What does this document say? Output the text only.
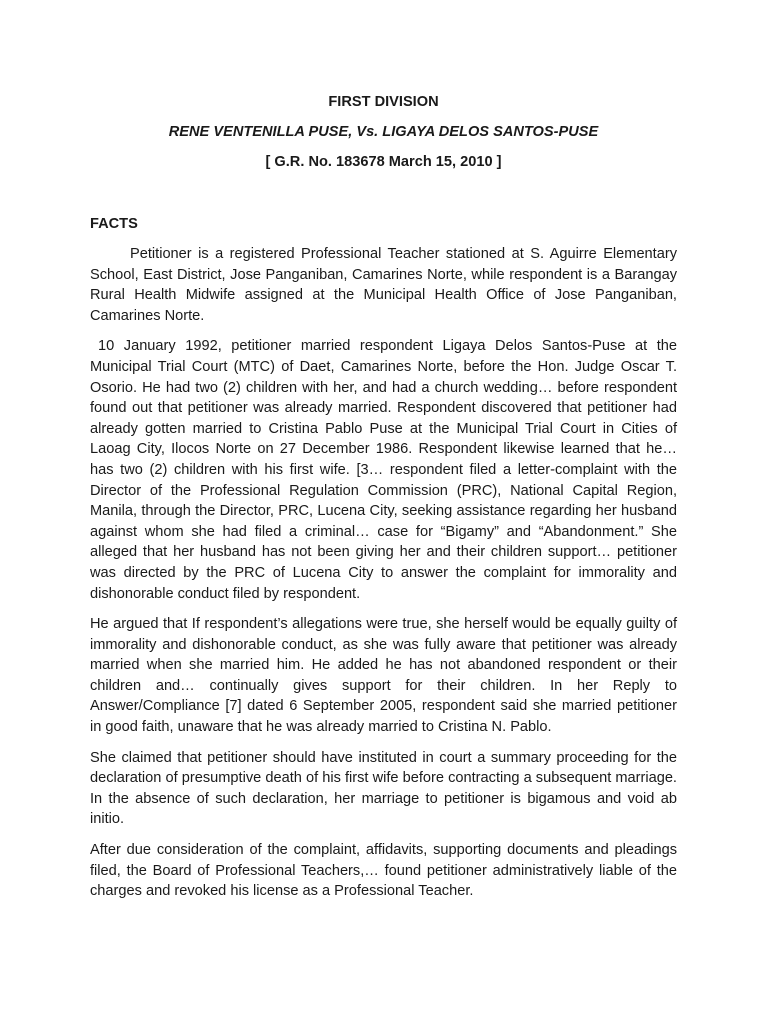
FIRST DIVISION

RENE VENTENILLA PUSE, Vs. LIGAYA DELOS SANTOS-PUSE

[ G.R. No. 183678 March 15, 2010 ]

FACTS

Petitioner is a registered Professional Teacher stationed at S. Aguirre Elementary School, East District, Jose Panganiban, Camarines Norte, while respondent is a Barangay Rural Health Midwife assigned at the Municipal Health Office of Jose Panganiban, Camarines Norte.

10 January 1992, petitioner married respondent Ligaya Delos Santos-Puse at the Municipal Trial Court (MTC) of Daet, Camarines Norte, before the Hon. Judge Oscar T. Osorio. He had two (2) children with her, and had a church wedding… before respondent found out that petitioner was already married. Respondent discovered that petitioner had already gotten married to Cristina Pablo Puse at the Municipal Trial Court in Cities of Laoag City, Ilocos Norte on 27 December 1986. Respondent likewise learned that he… has two (2) children with his first wife. [3… respondent filed a letter-complaint with the Director of the Professional Regulation Commission (PRC), National Capital Region, Manila, through the Director, PRC, Lucena City, seeking assistance regarding her husband against whom she had filed a criminal… case for “Bigamy” and “Abandonment.” She alleged that her husband has not been giving her and their children support… petitioner was directed by the PRC of Lucena City to answer the complaint for immorality and dishonorable conduct filed by respondent.

He argued that If respondent’s allegations were true, she herself would be equally guilty of immorality and dishonorable conduct, as she was fully aware that petitioner was already married when she married him. He added he has not abandoned respondent or their children and… continually gives support for their children. In her Reply to Answer/Compliance [7] dated 6 September 2005, respondent said she married petitioner in good faith, unaware that he was already married to Cristina N. Pablo.

She claimed that petitioner should have instituted in court a summary proceeding for the declaration of presumptive death of his first wife before contracting a subsequent marriage. In the absence of such declaration, her marriage to petitioner is bigamous and void ab initio.

After due consideration of the complaint, affidavits, supporting documents and pleadings filed, the Board of Professional Teachers,… found petitioner administratively liable of the charges and revoked his license as a Professional Teacher.
